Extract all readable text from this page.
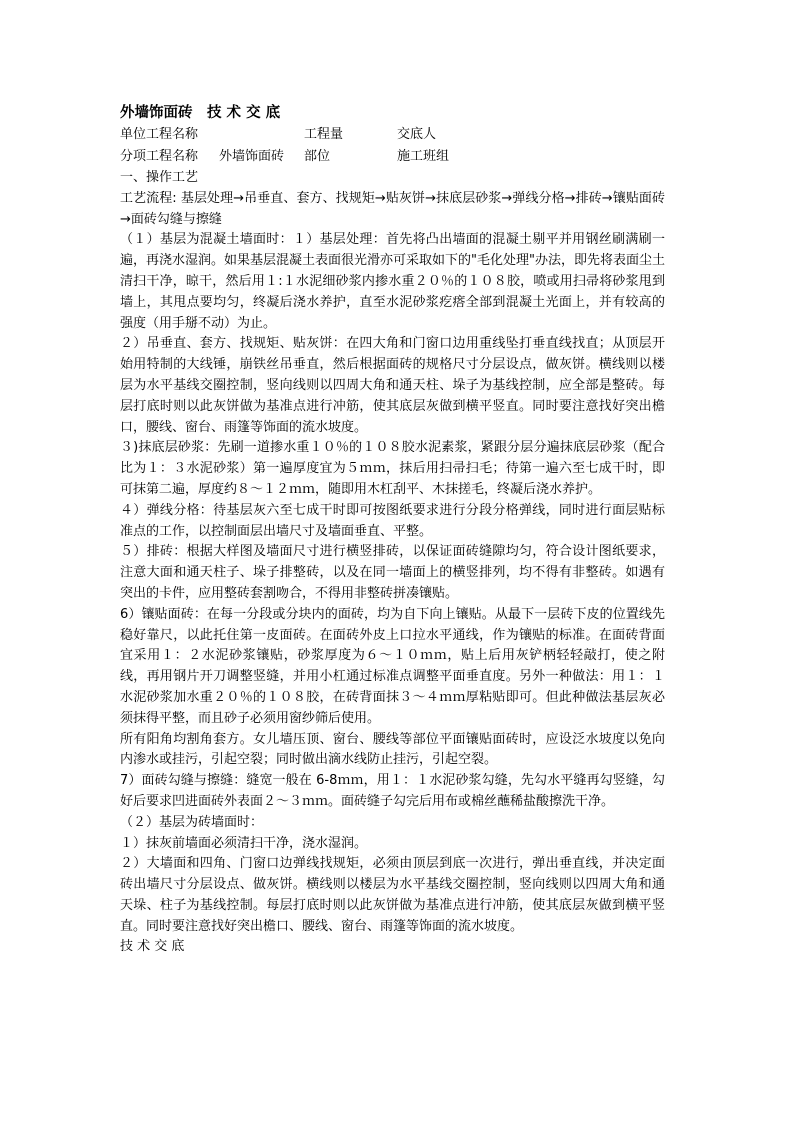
外墙饰面砖　技 术 交 底
单位工程名称	工程量	交底人
分项工程名称 外墙饰面砖 部位	施工班组

一、操作工艺

工艺流程: 基层处理→吊垂直、套方、找规矩→贴灰饼→抹底层砂浆→弹线分格→排砖→镶贴面砖→面砖勾缝与擦缝

（１）基层为混凝土墙面时：１）基层处理：首先将凸出墙面的混凝土剔平并用钢丝刷满刷一遍，再浇水湿润。如果基层混凝土表面很光滑亦可采取如下的"毛化处理"办法，即先将表面尘土清扫干净，晾干，然后用１:１水泥细砂浆内掺水重２０％的１０８胶，喷或用扫帚将砂浆甩到墙上，其甩点要均匀，终凝后浇水养护，直至水泥砂浆疙瘩全部到混凝土光面上，并有较高的强度（用手掰不动）为止。

２）吊垂直、套方、找规矩、贴灰饼：在四大角和门窗口边用重线坠打垂直线找直；从顶层开始用特制的大线锤，崩铁丝吊垂直，然后根据面砖的规格尺寸分层设点，做灰饼。横线则以楼层为水平基线交圈控制，竖向线则以四周大角和通天柱、垛子为基线控制，应全部是整砖。每层打底时则以此灰饼做为基准点进行冲筋，使其底层灰做到横平竖直。同时要注意找好突出檐口，腰线、窗台、雨篷等饰面的流水坡度。

３)抹底层砂浆：先刷一道掺水重１０％的１０８胶水泥素浆，紧跟分层分遍抹底层砂浆（配合比为１：３水泥砂浆）第一遍厚度宜为５ｍｍ，抹后用扫帚扫毛；待第一遍六至七成干时，即可抹第二遍，厚度约８～１２ｍｍ，随即用木杠刮平、木抹搓毛，终凝后浇水养护。

４）弹线分格：待基层灰六至七成干时即可按图纸要求进行分段分格弹线，同时进行面层贴标准点的工作，以控制面层出墙尺寸及墙面垂直、平整。

５）排砖：根据大样图及墙面尺寸进行横竖排砖，以保证面砖缝隙均匀，符合设计图纸要求，注意大面和通天柱子、垛子排整砖，以及在同一墙面上的横竖排列，均不得有非整砖。如遇有突出的卡件，应用整砖套割吻合，不得用非整砖拼凑镶贴。

6）镶贴面砖：在每一分段或分块内的面砖，均为自下向上镶贴。从最下一层砖下皮的位置线先稳好靠尺，以此托住第一皮面砖。在面砖外皮上口拉水平通线，作为镶贴的标准。在面砖背面宜采用１：２水泥砂浆镶贴，砂浆厚度为６～１０ｍｍ，贴上后用灰铲柄轻轻敲打，使之附线，再用钢片开刀调整竖缝，并用小杠通过标准点调整平面垂直度。另外一种做法：用１：１水泥砂浆加水重２０％的１０８胶，在砖背面抹３～４ｍｍ厚粘贴即可。但此种做法基层灰必须抹得平整，而且砂子必须用窗纱筛后使用。

所有阳角均割角套方。女儿墙压顶、窗台、腰线等部位平面镶贴面砖时，应设泛水坡度以免向内渗水或挂污，引起空裂；同时做出滴水线防止挂污，引起空裂。

7）面砖勾缝与擦缝：缝宽一般在 6-8ｍｍ，用１：１水泥砂浆勾缝，先勾水平缝再勾竖缝，勾好后要求凹进面砖外表面２～３ｍｍ。面砖缝子勾完后用布或棉丝蘸稀盐酸擦洗干净。

（２）基层为砖墙面时：

１）抹灰前墙面必须清扫干净，浇水湿润。

２）大墙面和四角、门窗口边弹线找规矩，必须由顶层到底一次进行，弹出垂直线，并决定面砖出墙尺寸分层设点、做灰饼。横线则以楼层为水平基线交圈控制，竖向线则以四周大角和通天垛、柱子为基线控制。每层打底时则以此灰饼做为基准点进行冲筋，使其底层灰做到横平竖直。同时要注意找好突出檐口、腰线、窗台、雨篷等饰面的流水坡度。

技 术 交 底
